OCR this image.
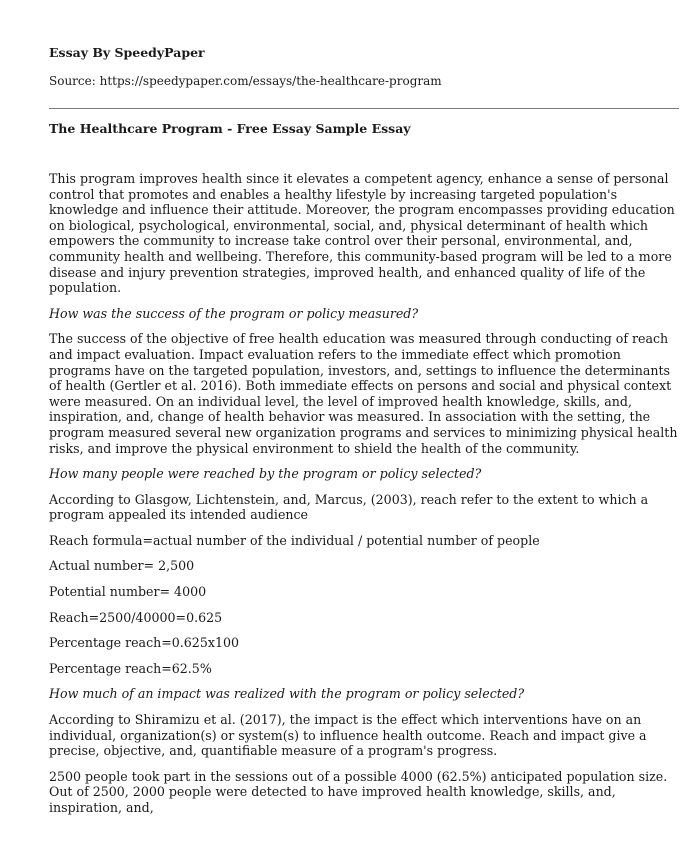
Essay By SpeedyPaper
Source: https://speedypaper.com/essays/the-healthcare-program
The Healthcare Program - Free Essay Sample Essay

This program improves health since it elevates a competent agency, enhance a sense of personal control that promotes and enables a healthy lifestyle by increasing targeted population's knowledge and influence their attitude. Moreover, the program encompasses providing education on biological, psychological, environmental, social, and, physical determinant of health which empowers the community to increase take control over their personal, environmental, and, community health and wellbeing. Therefore, this community-based program will be led to a more disease and injury prevention strategies, improved health, and enhanced quality of life of the population.

How was the success of the program or policy measured?

The success of the objective of free health education was measured through conducting of reach and impact evaluation. Impact evaluation refers to the immediate effect which promotion programs have on the targeted population, investors, and, settings to influence the determinants of health (Gertler et al. 2016). Both immediate effects on persons and social and physical context were measured. On an individual level, the level of improved health knowledge, skills, and, inspiration, and, change of health behavior was measured. In association with the setting, the program measured several new organization programs and services to minimizing physical health risks, and improve the physical environment to shield the health of the community.

How many people were reached by the program or policy selected?

According to Glasgow, Lichtenstein, and, Marcus, (2003), reach refer to the extent to which a program appealed its intended audience

Reach formula=actual number of the individual / potential number of people

Actual number= 2,500

Potential number= 4000

Reach=2500/40000=0.625

Percentage reach=0.625x100

Percentage reach=62.5%

How much of an impact was realized with the program or policy selected?

According to Shiramizu et al. (2017), the impact is the effect which interventions have on an individual, organization(s) or system(s) to influence health outcome. Reach and impact give a precise, objective, and, quantifiable measure of a program's progress.

2500 people took part in the sessions out of a possible 4000 (62.5%) anticipated population size. Out of 2500, 2000 people were detected to have improved health knowledge, skills, and, inspiration, and,
